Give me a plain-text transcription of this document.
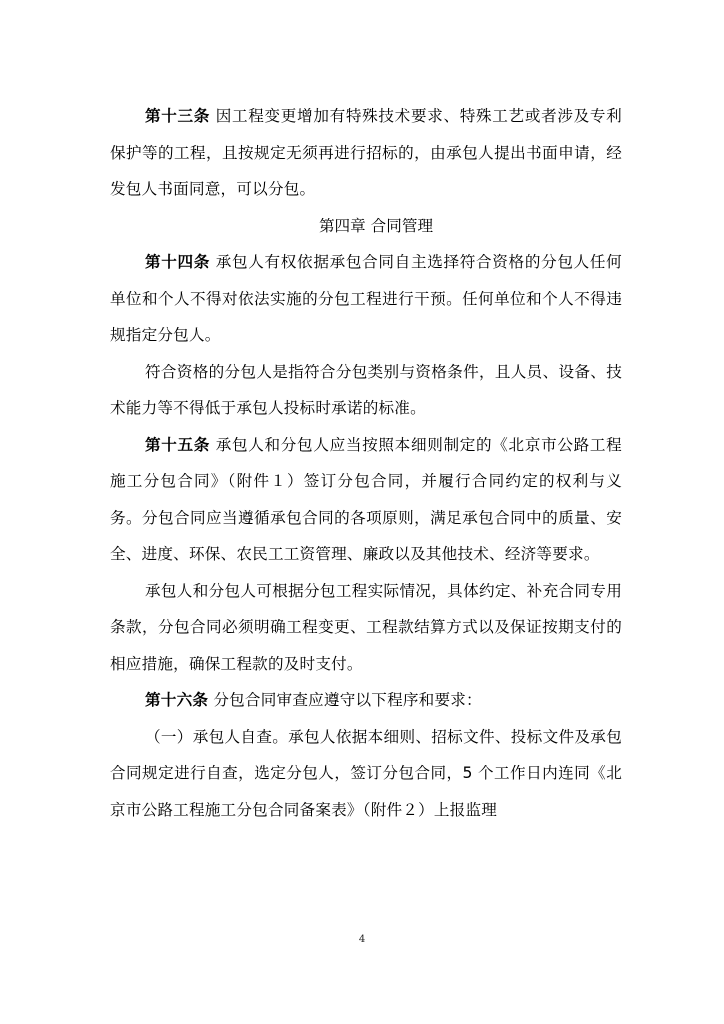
第十三条 因工程变更增加有特殊技术要求、特殊工艺或者涉及专利保护等的工程，且按规定无须再进行招标的，由承包人提出书面申请，经发包人书面同意，可以分包。

第四章 合同管理

第十四条 承包人有权依据承包合同自主选择符合资格的分包人任何单位和个人不得对依法实施的分包工程进行干预。任何单位和个人不得违规指定分包人。

符合资格的分包人是指符合分包类别与资格条件，且人员、设备、技术能力等不得低于承包人投标时承诺的标准。

第十五条 承包人和分包人应当按照本细则制定的《北京市公路工程施工分包合同》（附件１）签订分包合同，并履行合同约定的权利与义务。分包合同应当遵循承包合同的各项原则，满足承包合同中的质量、安全、进度、环保、农民工工资管理、廉政以及其他技术、经济等要求。

承包人和分包人可根据分包工程实际情况，具体约定、补充合同专用条款，分包合同必须明确工程变更、工程款结算方式以及保证按期支付的相应措施，确保工程款的及时支付。

第十六条 分包合同审查应遵守以下程序和要求：

（一）承包人自查。承包人依据本细则、招标文件、投标文件及承包合同规定进行自查，选定分包人，签订分包合同，5 个工作日内连同《北京市公路工程施工分包合同备案表》（附件２）上报监理

4
